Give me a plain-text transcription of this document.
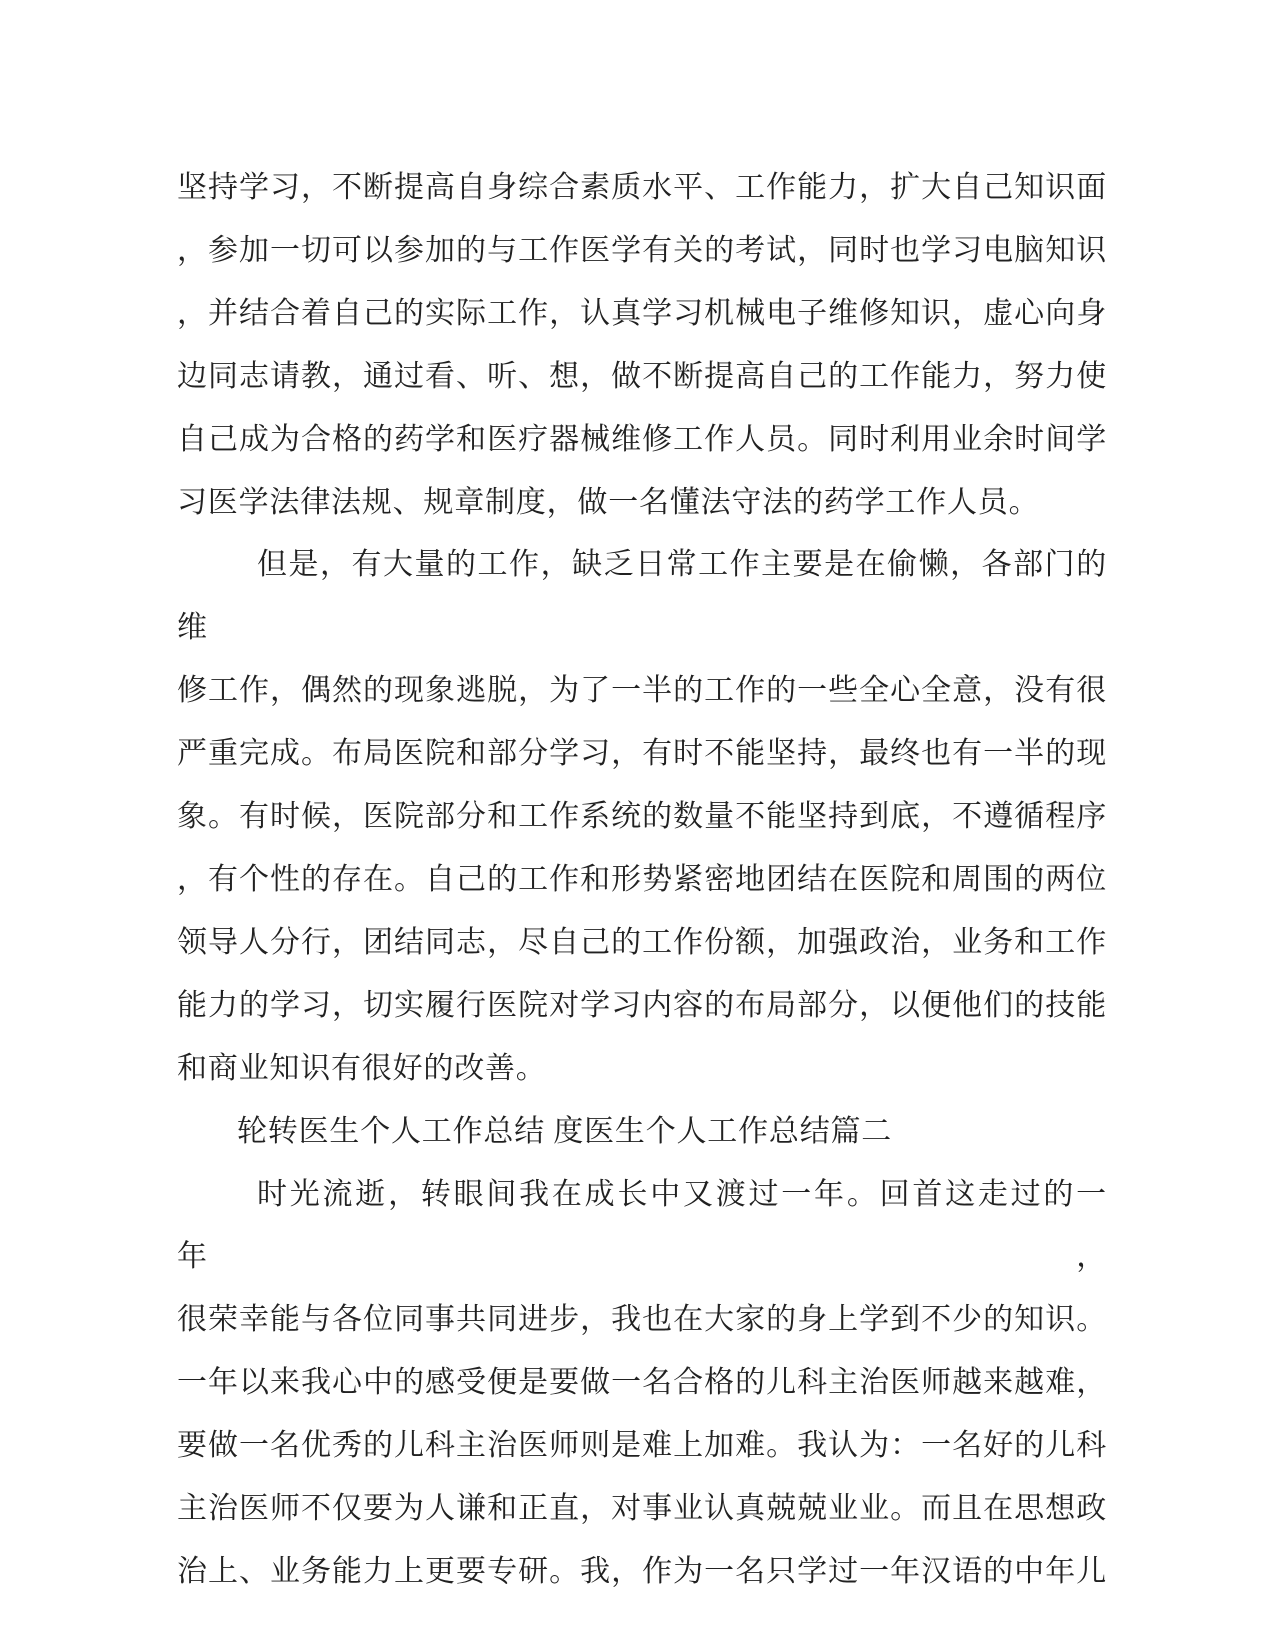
坚持学习，不断提高自身综合素质水平、工作能力，扩大自己知识面
，参加一切可以参加的与工作医学有关的考试，同时也学习电脑知识
，并结合着自己的实际工作，认真学习机械电子维修知识，虚心向身
边同志请教，通过看、听、想，做不断提高自己的工作能力，努力使
自己成为合格的药学和医疗器械维修工作人员。同时利用业余时间学
习医学法律法规、规章制度，做一名懂法守法的药学工作人员。
但是，有大量的工作，缺乏日常工作主要是在偷懒，各部门的维
修工作，偶然的现象逃脱，为了一半的工作的一些全心全意，没有很
严重完成。布局医院和部分学习，有时不能坚持，最终也有一半的现
象。有时候，医院部分和工作系统的数量不能坚持到底，不遵循程序
，有个性的存在。自己的工作和形势紧密地团结在医院和周围的两位
领导人分行，团结同志，尽自己的工作份额，加强政治，业务和工作
能力的学习，切实履行医院对学习内容的布局部分，以便他们的技能
和商业知识有很好的改善。
轮转医生个人工作总结 度医生个人工作总结篇二
时光流逝，转眼间我在成长中又渡过一年。回首这走过的一年，
很荣幸能与各位同事共同进步，我也在大家的身上学到不少的知识。
一年以来我心中的感受便是要做一名合格的儿科主治医师越来越难，
要做一名优秀的儿科主治医师则是难上加难。我认为：一名好的儿科
主治医师不仅要为人谦和正直，对事业认真兢兢业业。而且在思想政
治上、业务能力上更要专研。我，作为一名只学过一年汉语的中年儿
